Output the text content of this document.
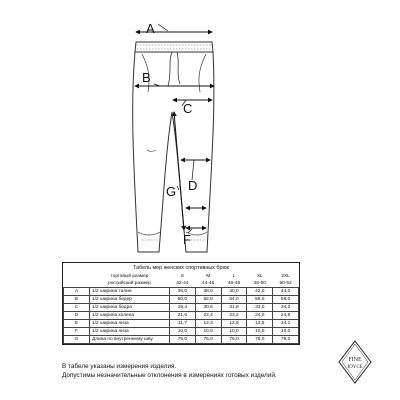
A
B
C
D
G
F
Табель мер женских спортивных брюк
	торговый размер	S	M	L	XL	2XL
	российский размер	42-44	44-46	46-48	48-50	50-52
A	1/2 ширина талии	36,0	38,0	40,0	42,0	44,0
B	1/2 ширина бедер	50,0	52,0	54,0	56,0	58,0
C	1/2 ширина бедра	29,4	30,6	31,8	33,0	34,2
D	1/2 ширина колена	21,6	22,4	23,2	24,0	24,8
E	1/2 ширина низа	11,7	12,3	12,9	13,5	14,1
F	1/2 ширина низа	10,0	10,0	10,0	10,0	10,0
G	Длина по внутреннему шву	76,0	76,0	76,0	76,0	76,0
В табеле указаны измерения изделия.
Допустимы незначительные отклонения в измерениях готовых изделий.
FINE
JOYCE
